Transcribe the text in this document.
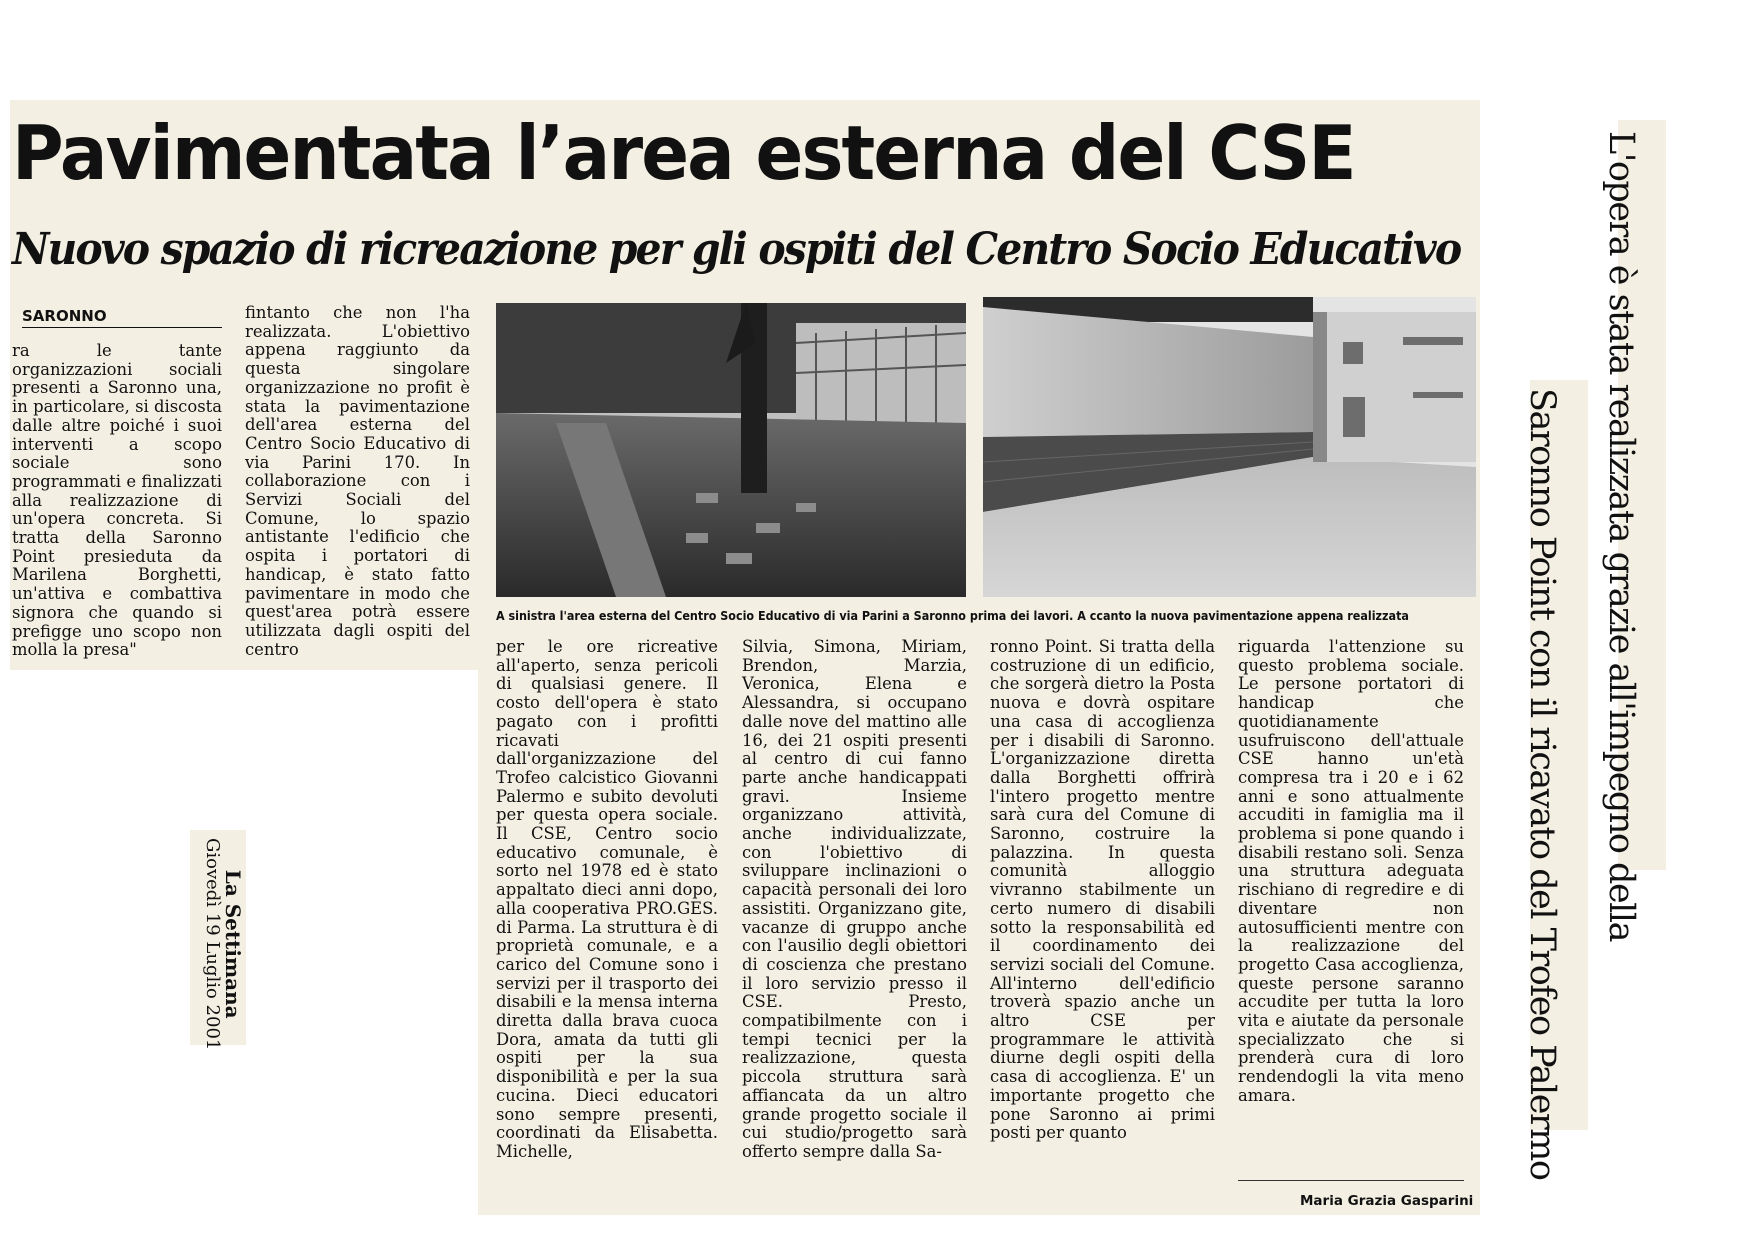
Pavimentata l’area esterna del CSE
Nuovo spazio di ricreazione per gli ospiti del Centro Socio Educativo
SARONNO
ra le tante organizzazioni sociali presenti a Saronno una, in particolare, si discosta dalle altre poiché i suoi interventi a scopo sociale sono programmati e finalizzati alla realizzazione di un'opera concreta. Si tratta della Saronno Point presieduta da Marilena Borghetti, un'attiva e combattiva signora che quando si prefigge uno scopo non molla la presa"
fintanto che non l'ha realizzata. L'obiettivo appena raggiunto da questa singolare organizzazione no profit è stata la pavimentazione dell'area esterna del Centro Socio Educativo di via Parini 170. In collaborazione con i Servizi Sociali del Comune, lo spazio antistante l'edificio che ospita i portatori di handicap, è stato fatto pavimentare in modo che quest'area potrà essere utilizzata dagli ospiti del centro
A sinistra l'area esterna del Centro Socio Educativo di via Parini a Saronno prima dei lavori. A ccanto la nuova pavimentazione appena realizzata
per le ore ricreative all'aperto, senza pericoli di qualsiasi genere. Il costo dell'opera è stato pagato con i profitti ricavati dall'organizzazione del Trofeo calcistico Giovanni Palermo e subito devoluti per questa opera sociale. Il CSE, Centro socio educativo comunale, è sorto nel 1978 ed è stato appaltato dieci anni dopo, alla cooperativa PRO.GES. di Parma. La struttura è di proprietà comunale, e a carico del Comune sono i servizi per il trasporto dei disabili e la mensa interna diretta dalla brava cuoca Dora, amata da tutti gli ospiti per la sua disponibilità e per la sua cucina. Dieci educatori sono sempre presenti, coordinati da Elisabetta. Michelle,
Silvia, Simona, Miriam, Brendon, Marzia, Veronica, Elena e Alessandra, si occupano dalle nove del mattino alle 16, dei 21 ospiti presenti al centro di cui fanno parte anche handicappati gravi. Insieme organizzano attività, anche individualizzate, con l'obiettivo di sviluppare inclinazioni o capacità personali dei loro assistiti. Organizzano gite, vacanze di gruppo anche con l'ausilio degli obiettori di coscienza che prestano il loro servizio presso il CSE. Presto, compatibilmente con i tempi tecnici per la realizzazione, questa piccola struttura sarà affiancata da un altro grande progetto sociale il cui studio/progetto sarà offerto sempre dalla Sa-
ronno Point. Si tratta della costruzione di un edificio, che sorgerà dietro la Posta nuova e dovrà ospitare una casa di accoglienza per i disabili di Saronno. L'organizzazione diretta dalla Borghetti offrirà l'intero progetto mentre sarà cura del Comune di Saronno, costruire la palazzina. In questa comunità alloggio vivranno stabilmente un certo numero di disabili sotto la responsabilità ed il coordinamento dei servizi sociali del Comune. All'interno dell'edificio troverà spazio anche un altro CSE per programmare le attività diurne degli ospiti della casa di accoglienza. E' un importante progetto che pone Saronno ai primi posti per quanto
riguarda l'attenzione su questo problema sociale. Le persone portatori di handicap che quotidianamente usufruiscono dell'attuale CSE hanno un'età compresa tra i 20 e i 62 anni e sono attualmente accuditi in famiglia ma il problema si pone quando i disabili restano soli. Senza una struttura adeguata rischiano di regredire e di diventare non autosufficienti mentre con la realizzazione del progetto Casa accoglienza, queste persone saranno accudite per tutta la loro vita e aiutate da personale specializzato che si prenderà cura di loro rendendogli la vita meno amara.
Maria Grazia Gasparini
L'opera è stata realizzata grazie all'impegno della
Saronno Point con il ricavato del Trofeo Palermo
La Settimana
Giovedì 19 Luglio 2001
